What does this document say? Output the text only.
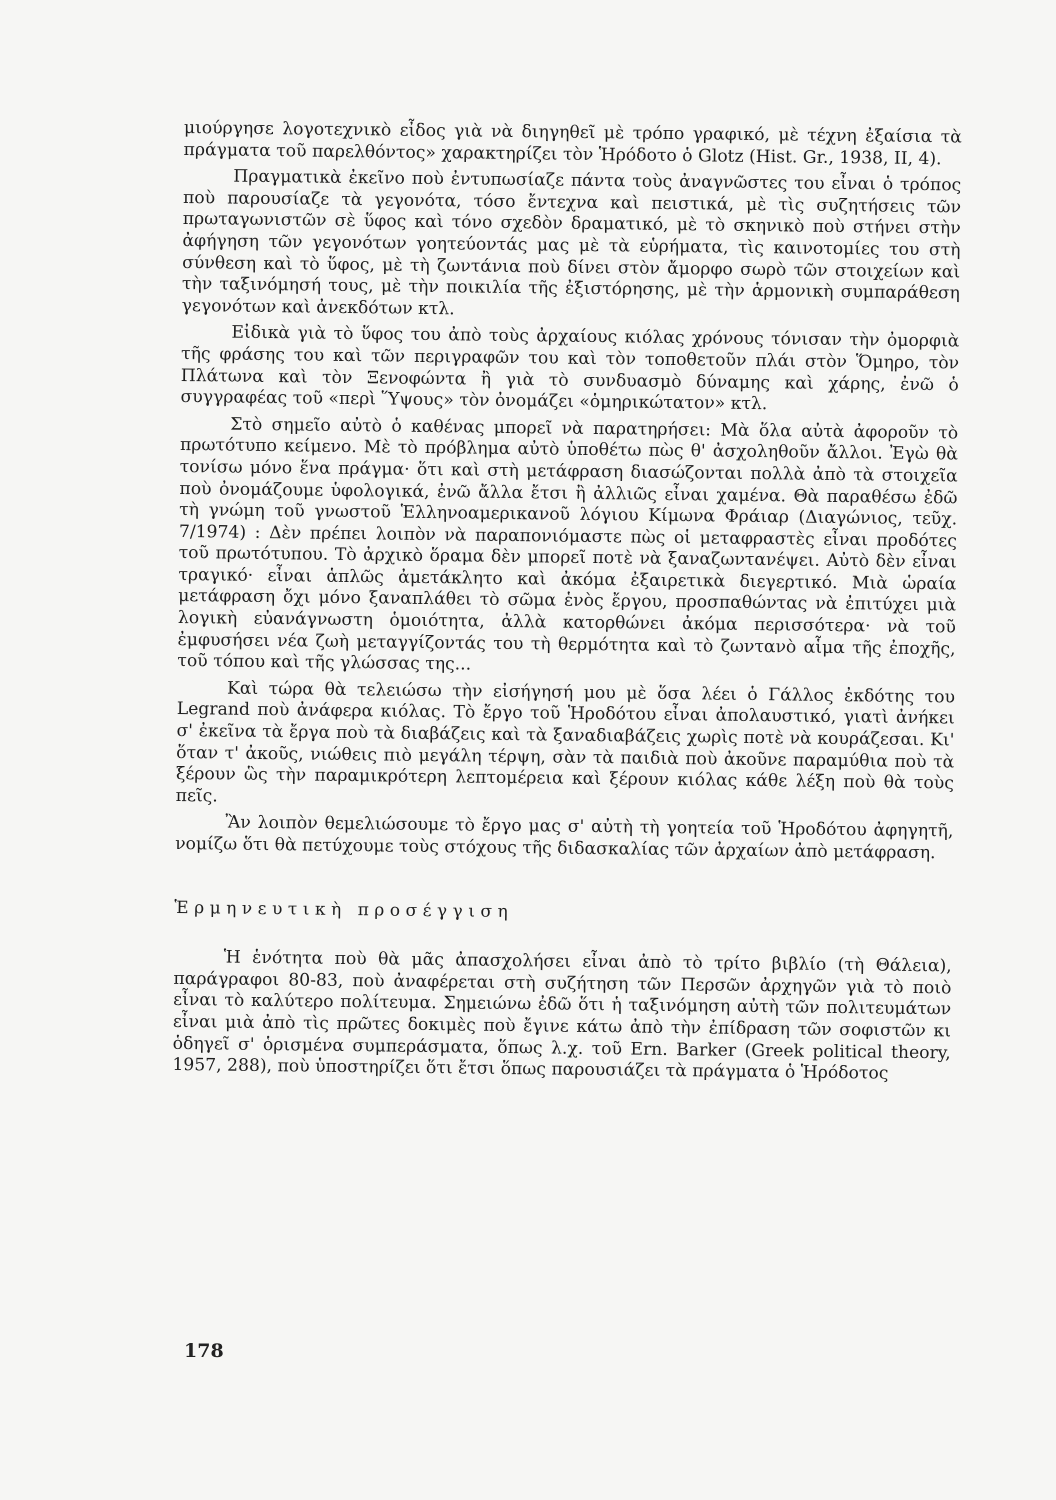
μιούργησε λογοτεχνικὸ εἶδος γιὰ νὰ διηγηθεῖ μὲ τρόπο γραφικό, μὲ τέχνη ἐξαίσια τὰ πράγματα τοῦ παρελθόντος» χαρακτηρίζει τὸν Ἡρόδοτο ὁ Glotz (Hist. Gr., 1938, II, 4).

Πραγματικὰ ἐκεῖνο ποὺ ἐντυπωσίαζε πάντα τοὺς ἀναγνῶστες του εἶναι ὁ τρόπος ποὺ παρουσίαζε τὰ γεγονότα, τόσο ἔντεχνα καὶ πειστικά, μὲ τὶς συζητήσεις τῶν πρωταγωνιστῶν σὲ ὕφος καὶ τόνο σχεδὸν δραματικό, μὲ τὸ σκηνικὸ ποὺ στήνει στὴν ἀφήγηση τῶν γεγονότων γοητεύοντάς μας μὲ τὰ εὑρήματα, τὶς καινοτομίες του στὴ σύνθεση καὶ τὸ ὕφος, μὲ τὴ ζωντάνια ποὺ δίνει στὸν ἄμορφο σωρὸ τῶν στοιχείων καὶ τὴν ταξινόμησή τους, μὲ τὴν ποικιλία τῆς ἐξιστόρησης, μὲ τὴν ἁρμονικὴ συμπαράθεση γεγονότων καὶ ἀνεκδότων κτλ.

Εἰδικὰ γιὰ τὸ ὕφος του ἀπὸ τοὺς ἀρχαίους κιόλας χρόνους τόνισαν τὴν ὀμορφιὰ τῆς φράσης του καὶ τῶν περιγραφῶν του καὶ τὸν τοποθετοῦν πλάι στὸν Ὅμηρο, τὸν Πλάτωνα καὶ τὸν Ξενοφώντα ἢ γιὰ τὸ συνδυασμὸ δύναμης καὶ χάρης, ἐνῶ ὁ συγγραφέας τοῦ «περὶ Ὕψους» τὸν ὀνομάζει «ὁμηρικώτατον» κτλ.

Στὸ σημεῖο αὐτὸ ὁ καθένας μπορεῖ νὰ παρατηρήσει: Μὰ ὅλα αὐτὰ ἀφοροῦν τὸ πρωτότυπο κείμενο. Μὲ τὸ πρόβλημα αὐτὸ ὑποθέτω πὼς θ' ἀσχοληθοῦν ἄλλοι. Ἐγὼ θὰ τονίσω μόνο ἕνα πράγμα· ὅτι καὶ στὴ μετάφραση διασώζονται πολλὰ ἀπὸ τὰ στοιχεῖα ποὺ ὀνομάζουμε ὑφολογικά, ἐνῶ ἄλλα ἔτσι ἢ ἀλλιῶς εἶναι χαμένα. Θὰ παραθέσω ἐδῶ τὴ γνώμη τοῦ γνωστοῦ Ἑλληνοαμερικανοῦ λόγιου Κίμωνα Φράιαρ (Διαγώνιος, τεῦχ. 7/1974) : Δὲν πρέπει λοιπὸν νὰ παραπονιόμαστε πὼς οἱ μεταφραστὲς εἶναι προδότες τοῦ πρωτότυπου. Τὸ ἀρχικὸ ὅραμα δὲν μπορεῖ ποτὲ νὰ ξαναζωντανέψει. Αὐτὸ δὲν εἶναι τραγικό· εἶναι ἁπλῶς ἀμετάκλητο καὶ ἀκόμα ἐξαιρετικὰ διεγερτικό. Μιὰ ὡραία μετάφραση ὄχι μόνο ξαναπλάθει τὸ σῶμα ἑνὸς ἔργου, προσπαθώντας νὰ ἐπιτύχει μιὰ λογικὴ εὐανάγνωστη ὁμοιότητα, ἀλλὰ κατορθώνει ἀκόμα περισσότερα· νὰ τοῦ ἐμφυσήσει νέα ζωὴ μεταγγίζοντάς του τὴ θερμότητα καὶ τὸ ζωντανὸ αἷμα τῆς ἐποχῆς, τοῦ τόπου καὶ τῆς γλώσσας της...

Καὶ τώρα θὰ τελειώσω τὴν εἰσήγησή μου μὲ ὅσα λέει ὁ Γάλλος ἐκδότης του Legrand ποὺ ἀνάφερα κιόλας. Τὸ ἔργο τοῦ Ἡροδότου εἶναι ἀπολαυστικό, γιατὶ ἀνήκει σ' ἐκεῖνα τὰ ἔργα ποὺ τὰ διαβάζεις καὶ τὰ ξαναδιαβάζεις χωρὶς ποτὲ νὰ κουράζεσαι. Κι' ὅταν τ' ἀκοῦς, νιώθεις πιὸ μεγάλη τέρψη, σὰν τὰ παιδιὰ ποὺ ἀκοῦνε παραμύθια ποὺ τὰ ξέρουν ὣς τὴν παραμικρότερη λεπτομέρεια καὶ ξέρουν κιόλας κάθε λέξη ποὺ θὰ τοὺς πεῖς.

Ἂν λοιπὸν θεμελιώσουμε τὸ ἔργο μας σ' αὐτὴ τὴ γοητεία τοῦ Ἡροδότου ἀφηγητῆ, νομίζω ὅτι θὰ πετύχουμε τοὺς στόχους τῆς διδασκαλίας τῶν ἀρχαίων ἀπὸ μετάφραση.

Ἑρμηνευτικὴ προσέγγιση

Ἡ ἑνότητα ποὺ θὰ μᾶς ἀπασχολήσει εἶναι ἀπὸ τὸ τρίτο βιβλίο (τὴ Θάλεια), παράγραφοι 80-83, ποὺ ἀναφέρεται στὴ συζήτηση τῶν Περσῶν ἀρχηγῶν γιὰ τὸ ποιὸ εἶναι τὸ καλύτερο πολίτευμα. Σημειώνω ἐδῶ ὅτι ἡ ταξινόμηση αὐτὴ τῶν πολιτευμάτων εἶναι μιὰ ἀπὸ τὶς πρῶτες δοκιμὲς ποὺ ἔγινε κάτω ἀπὸ τὴν ἐπίδραση τῶν σοφιστῶν κι ὁδηγεῖ σ' ὁρισμένα συμπεράσματα, ὅπως λ.χ. τοῦ Ern. Barker (Greek political theory, 1957, 288), ποὺ ὑποστηρίζει ὅτι ἔτσι ὅπως παρουσιάζει τὰ πράγματα ὁ Ἡρόδοτος

178
